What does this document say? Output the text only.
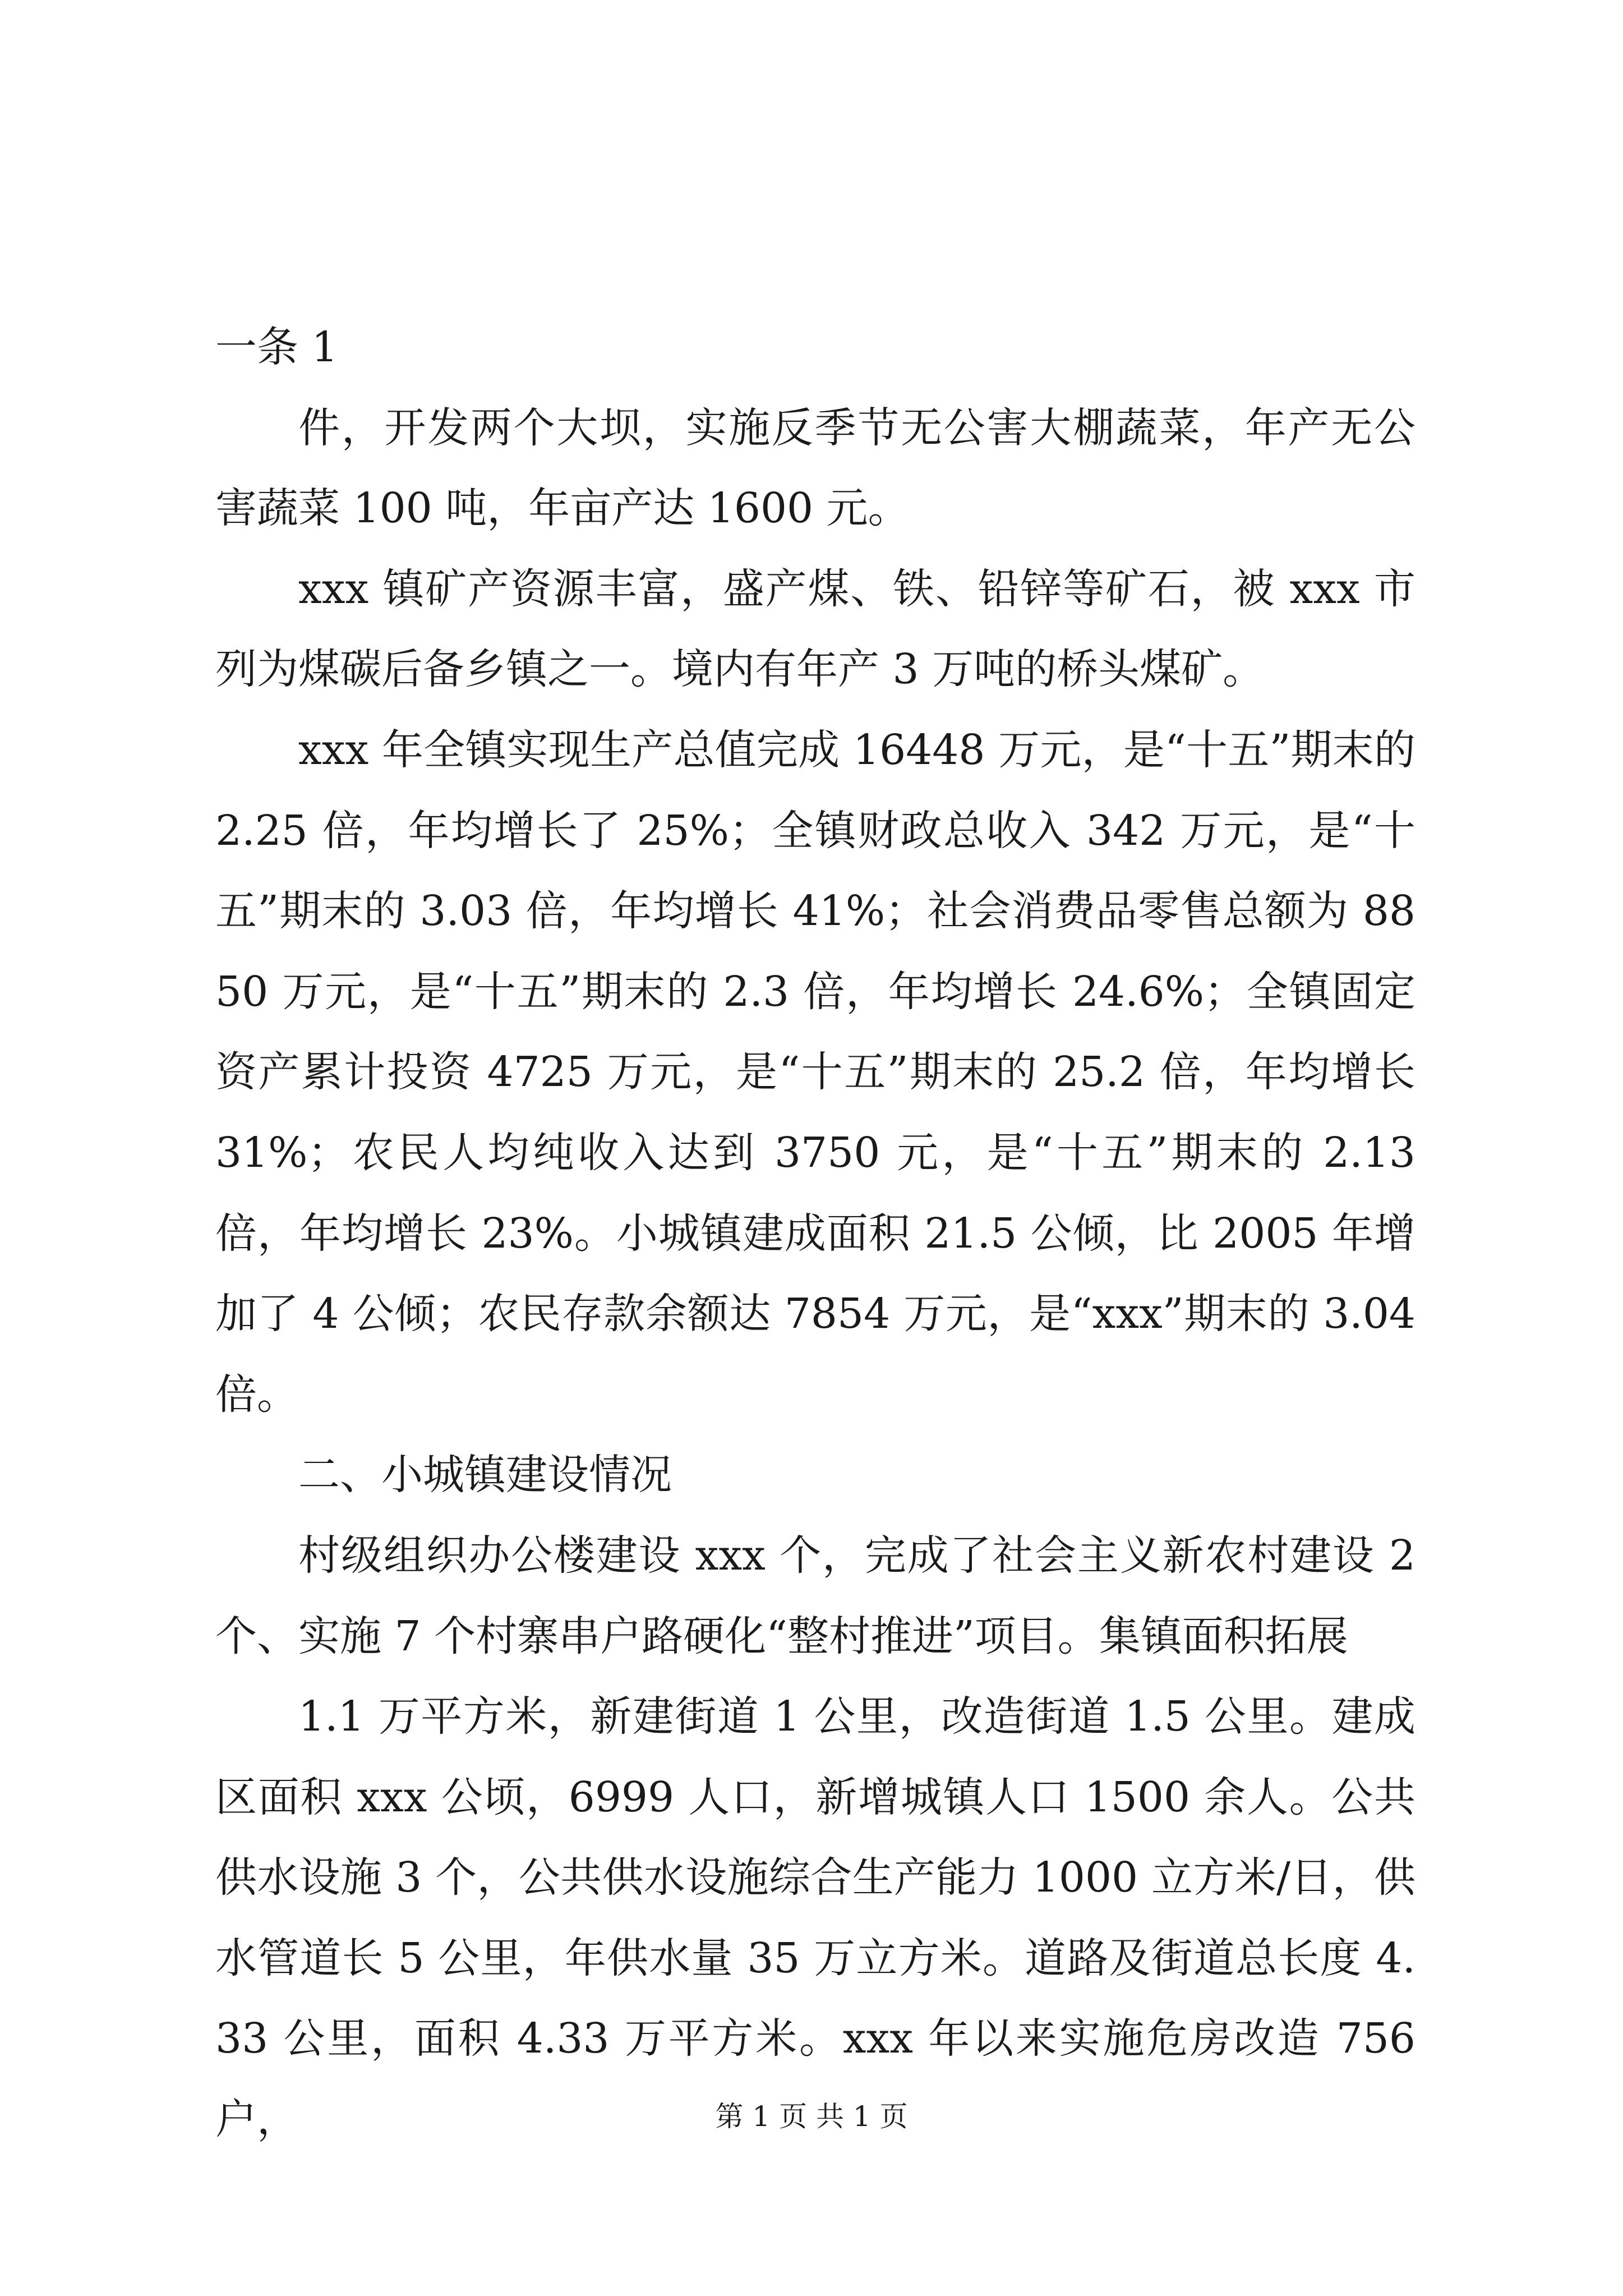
一条 1

件，开发两个大坝，实施反季节无公害大棚蔬菜，年产无公害蔬菜 100 吨，年亩产达 1600 元。

xxx 镇矿产资源丰富，盛产煤、铁、铅锌等矿石，被 xxx 市列为煤碳后备乡镇之一。境内有年产 3 万吨的桥头煤矿。

xxx 年全镇实现生产总值完成 16448 万元，是“十五”期末的 2.25 倍，年均增长了 25%；全镇财政总收入 342 万元，是“十五”期末的 3.03 倍，年均增长 41%；社会消费品零售总额为 8850 万元，是“十五”期末的 2.3 倍，年均增长 24.6%；全镇固定资产累计投资 4725 万元，是“十五”期末的 25.2 倍，年均增长 31%；农民人均纯收入达到 3750 元，是“十五”期末的 2.13 倍，年均增长 23%。小城镇建成面积 21.5 公倾，比 2005 年增加了 4 公倾；农民存款余额达 7854 万元，是“xxx”期末的 3.04 倍。

二、小城镇建设情况

村级组织办公楼建设 xxx 个，完成了社会主义新农村建设 2 个、实施 7 个村寨串户路硬化“整村推进”项目。集镇面积拓展

1.1 万平方米，新建街道 1 公里，改造街道 1.5 公里。建成区面积 xxx 公顷，6999 人口，新增城镇人口 1500 余人。公共供水设施 3 个，公共供水设施综合生产能力 1000 立方米/日，供水管道长 5 公里，年供水量 35 万立方米。道路及街道总长度 4.33 公里，面积 4.33 万平方米。xxx 年以来实施危房改造 756 户，	第 1 页 共 1 页
